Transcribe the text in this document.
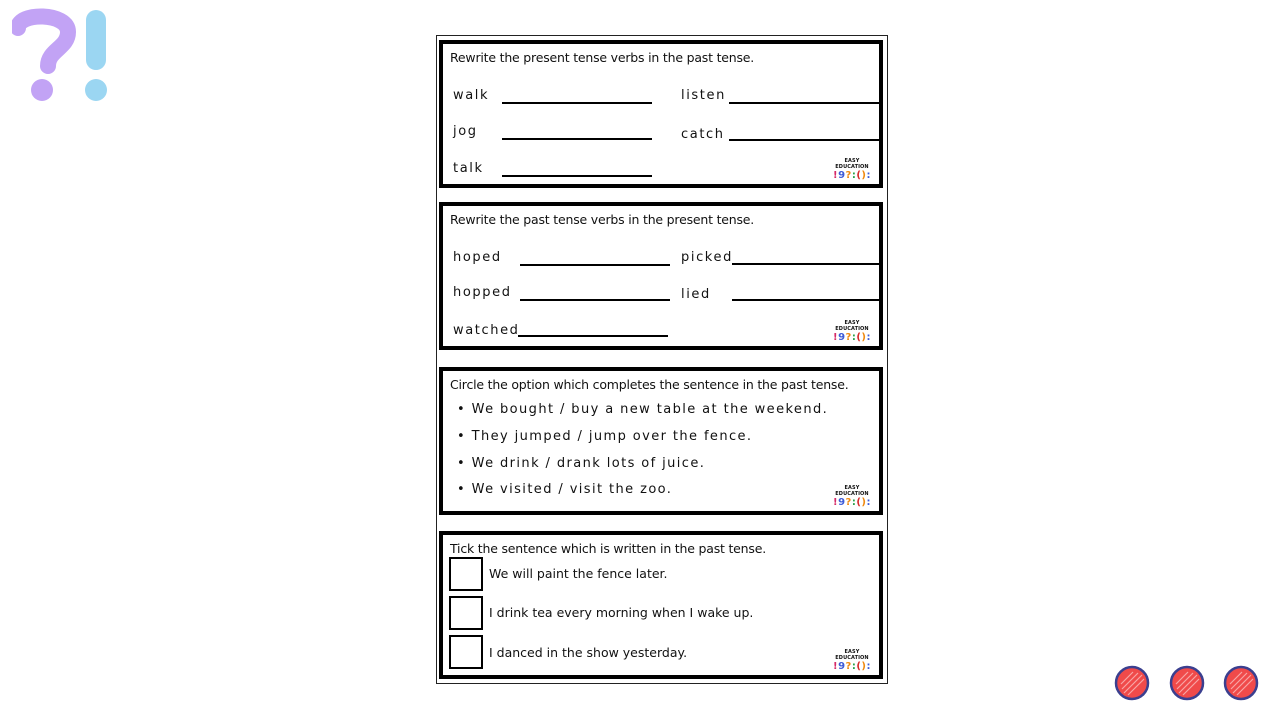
Rewrite the present tense verbs in the past tense.
walk	listen
jog	catch
talk	EASY EDUCATION
!9?:():
Rewrite the past tense verbs in the present tense.
hoped	picked
hopped	lied
watched	EASY EDUCATION
!9?:():
Circle the option which completes the sentence in the past tense.
• We bought / buy a new table at the weekend.
• They jumped / jump over the fence.
• We drink / drank lots of juice.
• We visited / visit the zoo.	EASY EDUCATION
!9?:():
Tick the sentence which is written in the past tense.
We will paint the fence later.
I drink tea every morning when I wake up.
I danced in the show yesterday.	EASY EDUCATION
!9?:():
